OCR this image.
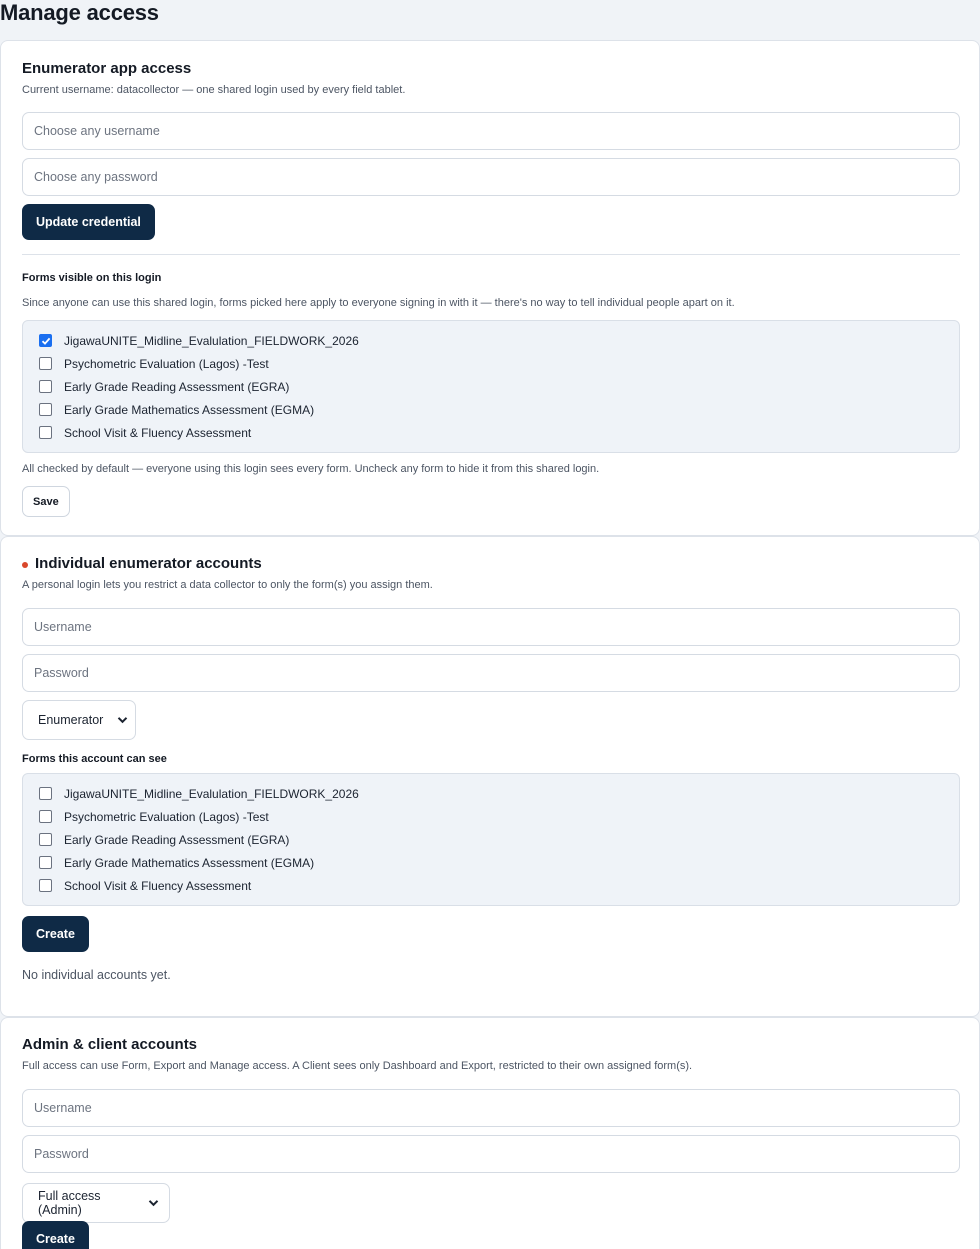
Manage access
Enumerator app access
Current username: datacollector — one shared login used by every field tablet.
Choose any username
Update credential
Forms visible on this login
Since anyone can use this shared login, forms picked here apply to everyone signing in with it — there's no way to tell individual people apart on it.
JigawaUNITE_Midline_Evalulation_FIELDWORK_2026
Psychometric Evaluation (Lagos) -Test
Early Grade Reading Assessment (EGRA)
Early Grade Mathematics Assessment (EGMA)
School Visit & Fluency Assessment
All checked by default — everyone using this login sees every form. Uncheck any form to hide it from this shared login.
Save
Individual enumerator accounts
A personal login lets you restrict a data collector to only the form(s) you assign them.
Username
Enumerator
Forms this account can see
JigawaUNITE_Midline_Evalulation_FIELDWORK_2026
Psychometric Evaluation (Lagos) -Test
Early Grade Reading Assessment (EGRA)
Early Grade Mathematics Assessment (EGMA)
School Visit & Fluency Assessment
Create
No individual accounts yet.
Admin & client accounts
Full access can use Form, Export and Manage access. A Client sees only Dashboard and Export, restricted to their own assigned form(s).
Username
Full access (Admin)
Create
